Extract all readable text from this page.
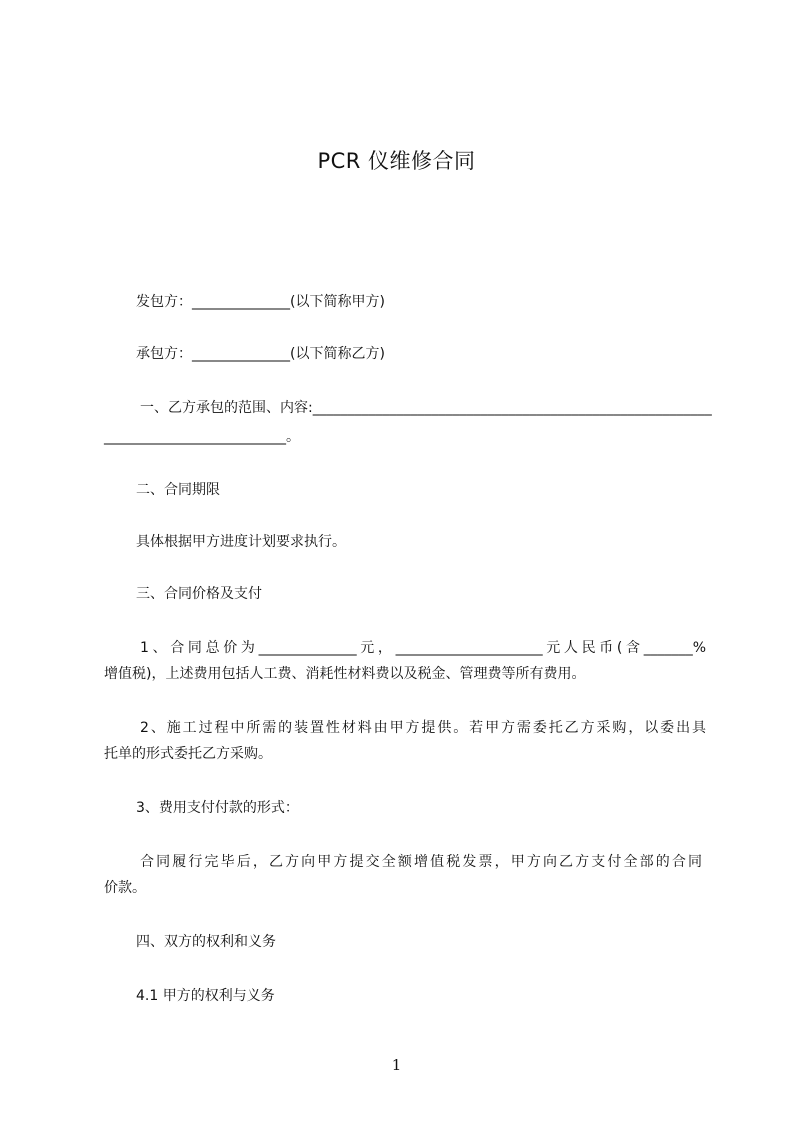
PCR 仪维修合同
发包方：______________(以下简称甲方)
承包方：______________(以下简称乙方)
一、乙方承包的范围、内容:_________________________________________________________
__________________________。
二、合同期限
具体根据甲方进度计划要求执行。
三、合同价格及支付
1、合同总价为______________元，_____________________元人民币(含_______%
增值税)，上述费用包括人工费、消耗性材料费以及税金、管理费等所有费用。
2、施工过程中所需的装置性材料由甲方提供。若甲方需委托乙方采购，以委出具
托单的形式委托乙方采购。
3、费用支付付款的形式：
合同履行完毕后，乙方向甲方提交全额增值税发票，甲方向乙方支付全部的合同
价款。
四、双方的权利和义务
4.1 甲方的权利与义务
1
